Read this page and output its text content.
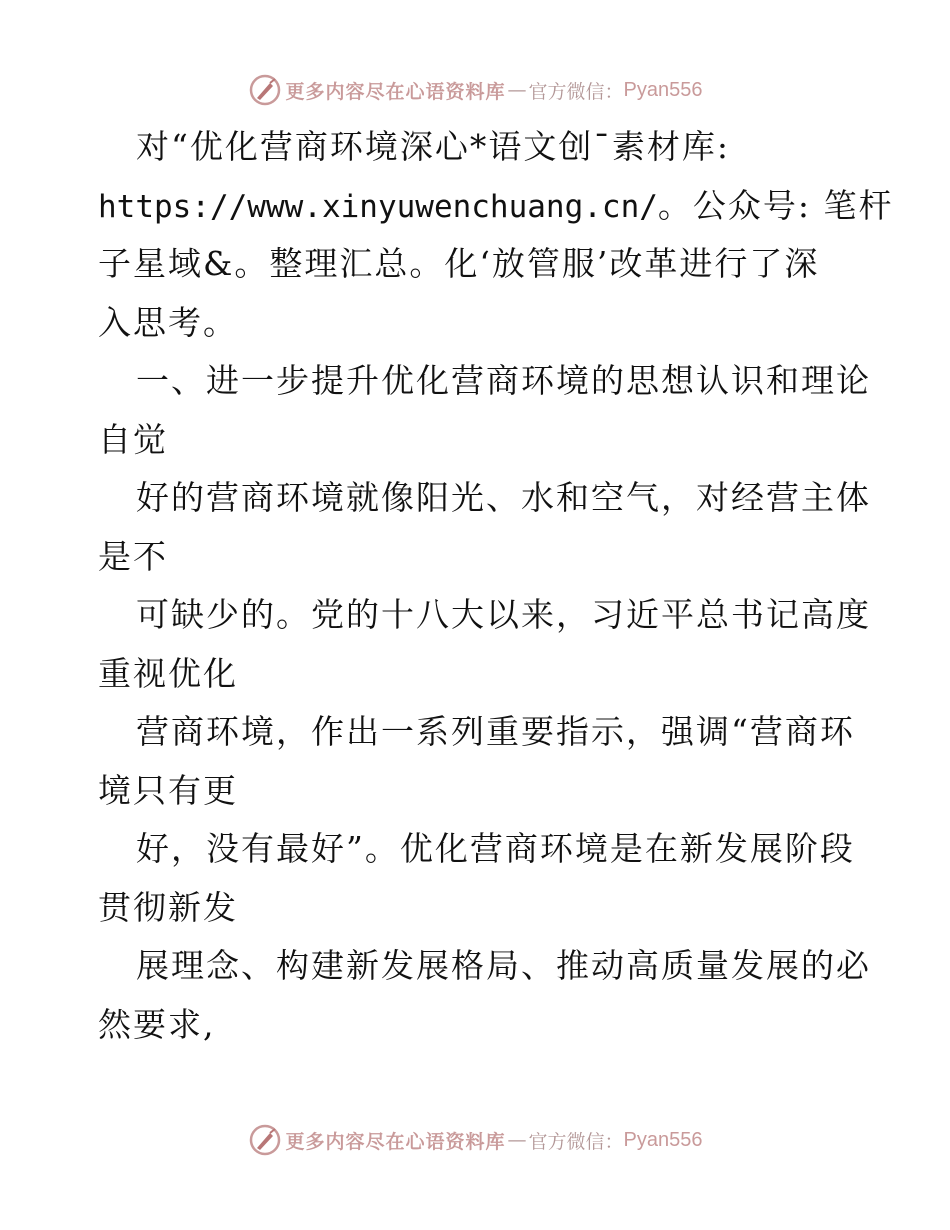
更多内容尽在心语资料库 — 官方微信： Pyan556
对“优化营商环境深心*语文创¯素材库:
https://www.xinyuwenchuang.cn/。公众号: 笔杆
子星域&。整理汇总。化‘放管服’改革进行了深
入思考。
一、进一步提升优化营商环境的思想认识和理论
自觉
好的营商环境就像阳光、水和空气，对经营主体
是不
可缺少的。党的十八大以来，习近平总书记高度
重视优化
营商环境，作出一系列重要指示，强调“营商环
境只有更
好，没有最好”。优化营商环境是在新发展阶段
贯彻新发
展理念、构建新发展格局、推动高质量发展的必
然要求,
更多内容尽在心语资料库 — 官方微信： Pyan556
